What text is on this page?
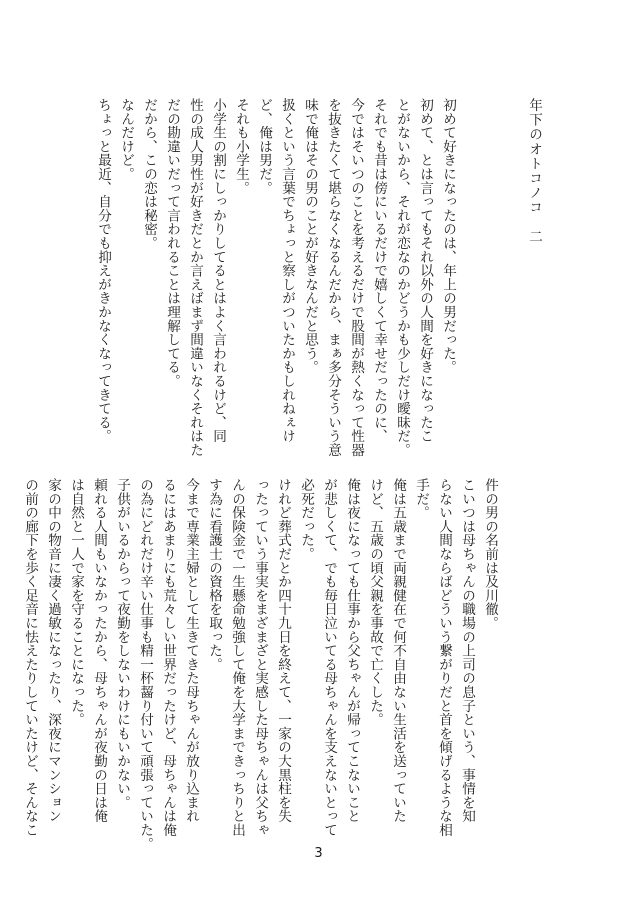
年下のオトコノコ　二
初めて好きになったのは、年上の男だった。
初めて、とは言ってもそれ以外の人間を好きになったこ
とがないから、それが恋なのかどうかも少しだけ曖昧だ。
それでも昔は傍にいるだけで嬉しくて幸せだったのに、
今ではそいつのことを考えるだけで股間が熱くなって性器
を抜きたくて堪らなくなるんだから、まぁ多分そういう意
味で俺はその男のことが好きなんだと思う。
扱くという言葉でちょっと察しがついたかもしれねぇけ
ど、俺は男だ。
それも小学生。
小学生の割にしっかりしてるとはよく言われるけど、同
性の成人男性が好きだとか言えばまず間違いなくそれはた
だの勘違いだって言われることは理解してる。
だから、この恋は秘密。
なんだけど。
ちょっと最近、自分でも抑えがきかなくなってきてる。
件の男の名前は及川徹。
こいつは母ちゃんの職場の上司の息子という、事情を知
らない人間ならばどういう繋がりだと首を傾げるような相
手だ。
俺は五歳まで両親健在で何不自由ない生活を送っていた
けど、五歳の頃父親を事故で亡くした。
俺は夜になっても仕事から父ちゃんが帰ってこないこと
が悲しくて、でも毎日泣いてる母ちゃんを支えないとって
必死だった。
けれど葬式だとか四十九日を終えて、一家の大黒柱を失
ったっていう事実をまざまざと実感した母ちゃんは父ちゃ
んの保険金で一生懸命勉強して俺を大学まできっちりと出
す為に看護士の資格を取った。
今まで専業主婦として生きてきた母ちゃんが放り込まれ
るにはあまりにも荒々しい世界だったけど、母ちゃんは俺
の為にどれだけ辛い仕事も精一杯齧り付いて頑張っていた。
子供がいるからって夜勤をしないわけにもいかない。
頼れる人間もいなかったから、母ちゃんが夜勤の日は俺
は自然と一人で家を守ることになった。
家の中の物音に凄く過敏になったり、深夜にマンション
の前の廊下を歩く足音に怯えたりしていたけど、そんなこ
3
